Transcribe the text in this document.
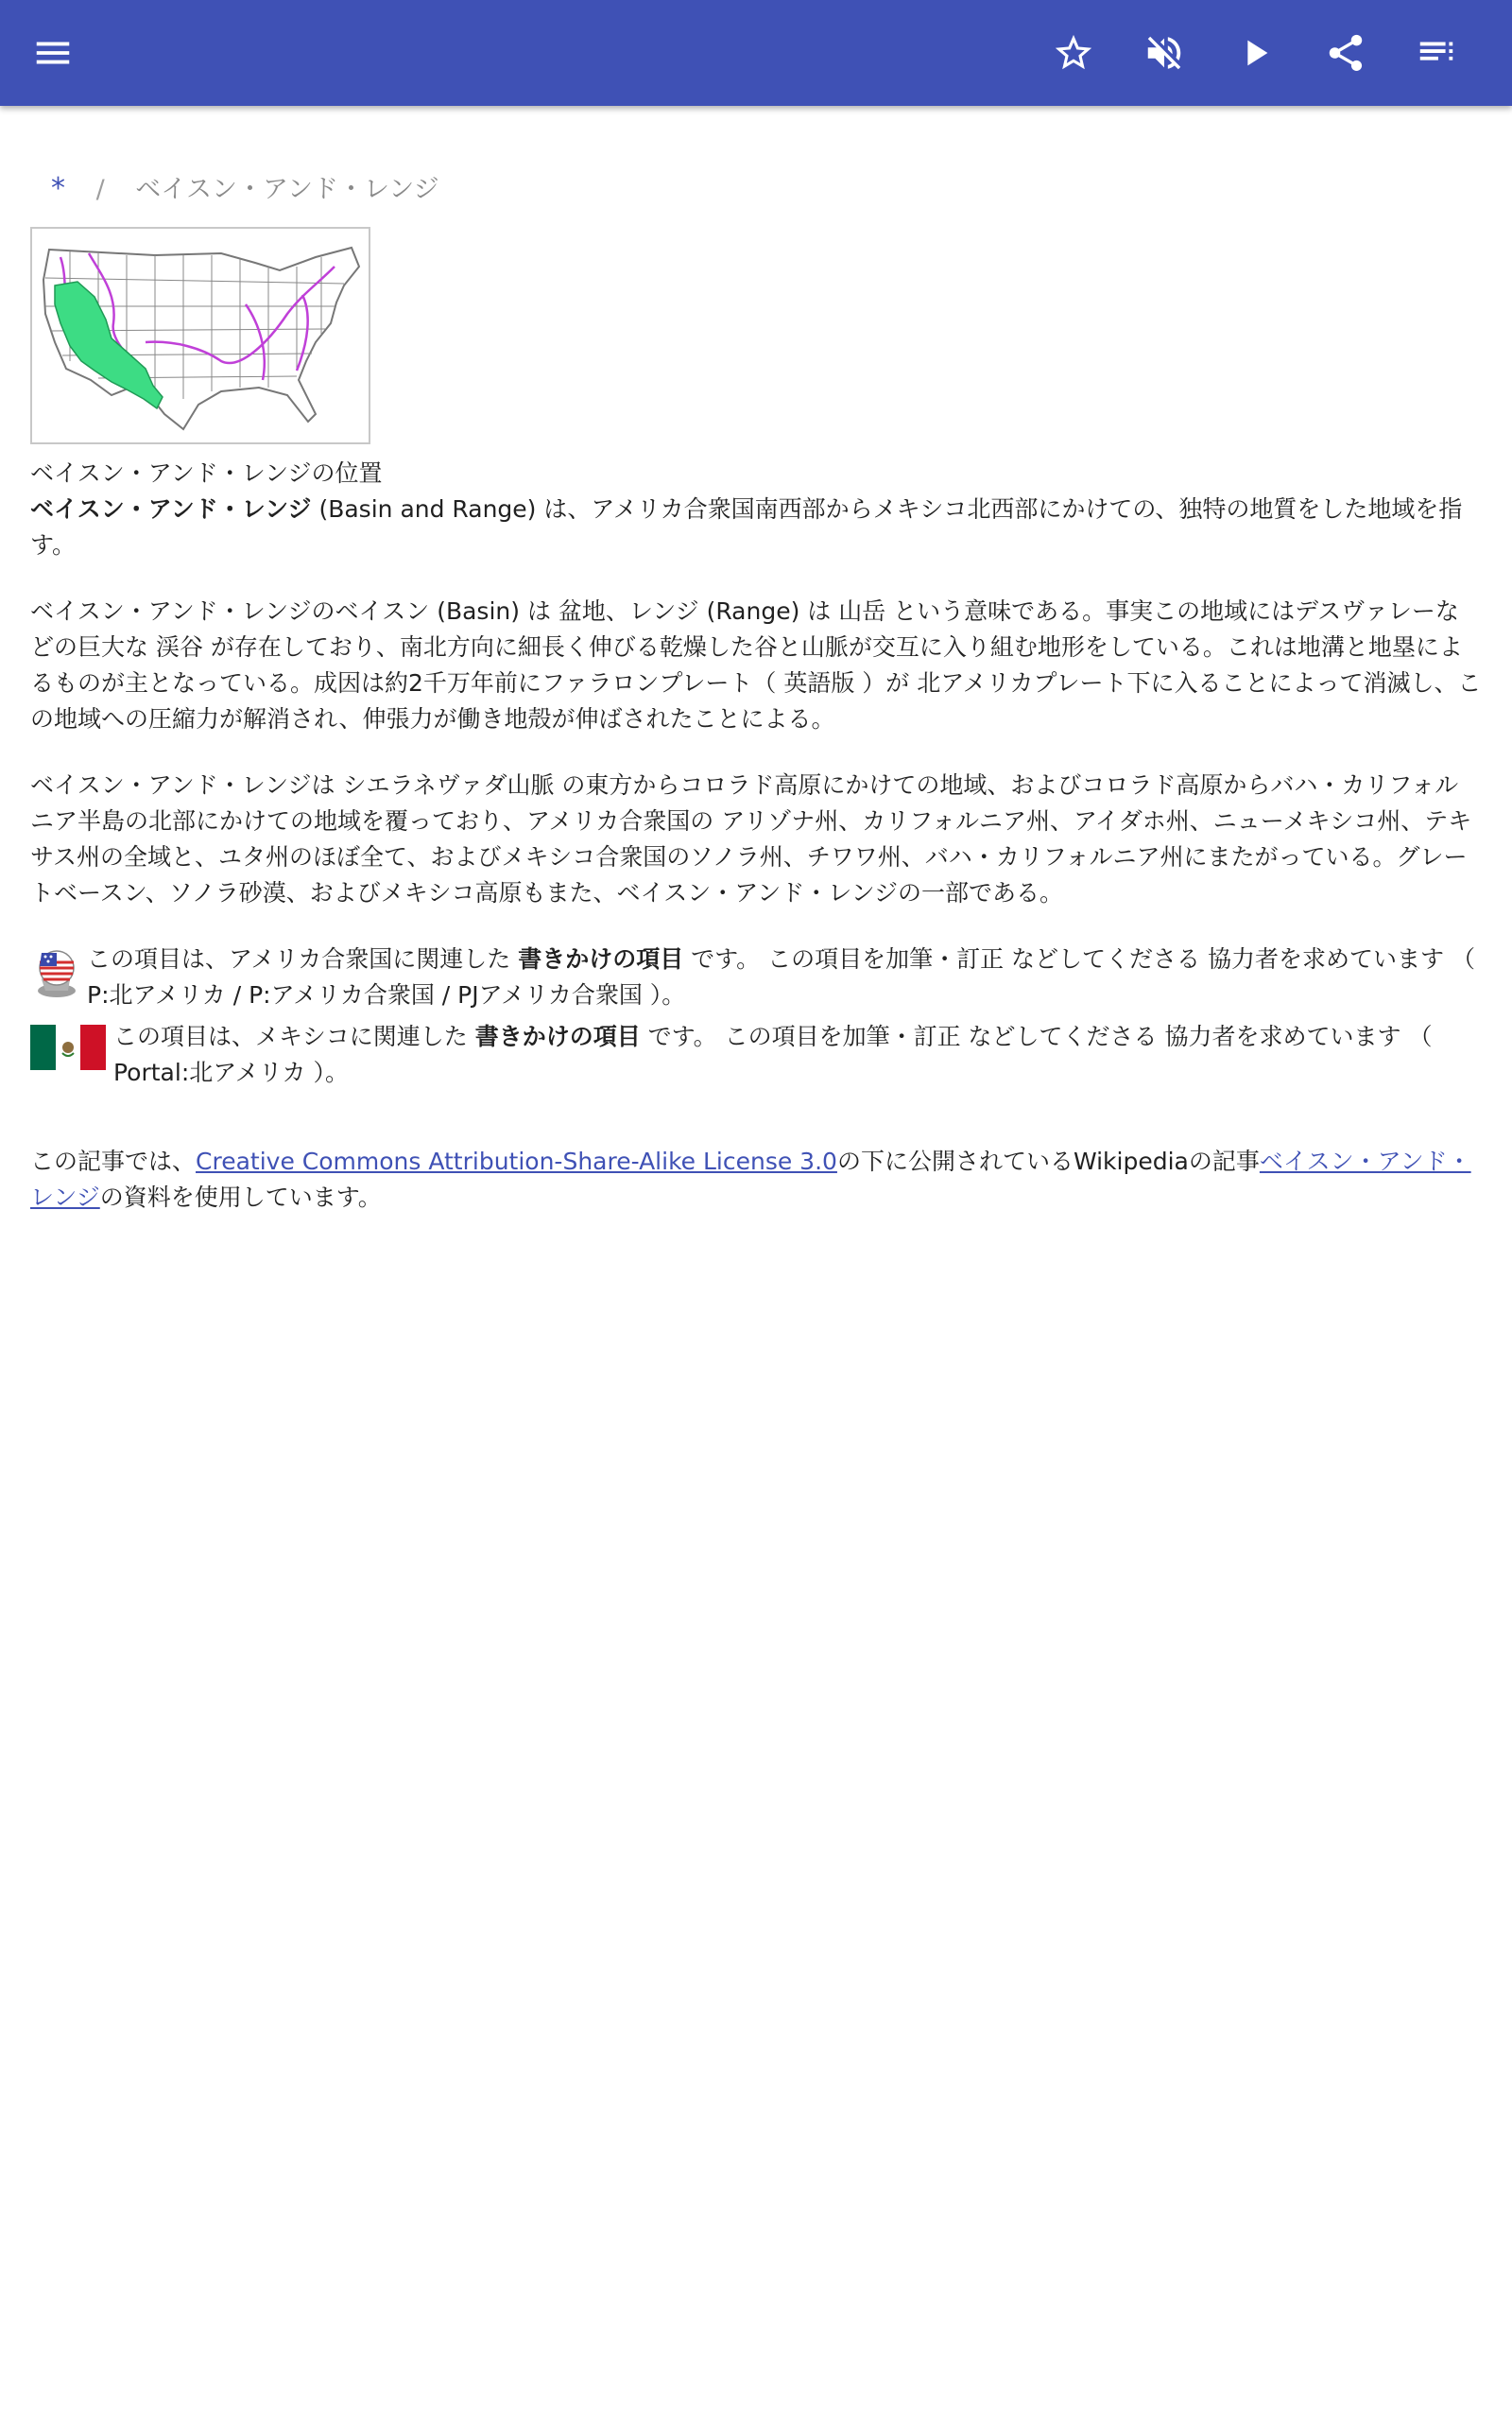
* / ベイスン・アンド・レンジ
ベイスン・アンド・レンジの位置

ベイスン・アンド・レンジ (Basin and Range) は、アメリカ合衆国南西部からメキシコ北西部にかけての、独特の地質をした地域を指す。

ベイスン・アンド・レンジのベイスン (Basin) は 盆地、レンジ (Range) は 山岳 という意味である。事実この地域にはデスヴァレーなどの巨大な 渓谷 が存在しており、南北方向に細長く伸びる乾燥した谷と山脈が交互に入り組む地形をしている。これは地溝と地塁によるものが主となっている。成因は約2千万年前にファラロンプレート（ 英語版 ）が 北アメリカプレート下に入ることによって消滅し、この地域への圧縮力が解消され、伸張力が働き地殻が伸ばされたことによる。

ベイスン・アンド・レンジは シエラネヴァダ山脈 の東方からコロラド高原にかけての地域、およびコロラド高原からバハ・カリフォルニア半島の北部にかけての地域を覆っており、アメリカ合衆国の アリゾナ州、カリフォルニア州、アイダホ州、ニューメキシコ州、テキサス州の全域と、ユタ州のほぼ全て、およびメキシコ合衆国のソノラ州、チワワ州、バハ・カリフォルニア州にまたがっている。グレートベースン、ソノラ砂漠、およびメキシコ高原もまた、ベイスン・アンド・レンジの一部である。

この項目は、アメリカ合衆国に関連した 書きかけの項目 です。 この項目を加筆・訂正 などしてくださる 協力者を求めています （ P:北アメリカ / P:アメリカ合衆国 / PJアメリカ合衆国 ）。
この項目は、メキシコに関連した 書きかけの項目 です。 この項目を加筆・訂正 などしてくださる 協力者を求めています （ Portal:北アメリカ ）。
この記事では、Creative Commons Attribution-Share-Alike License 3.0の下に公開されているWikipediaの記事ベイスン・アンド・レンジの資料を使用しています。
